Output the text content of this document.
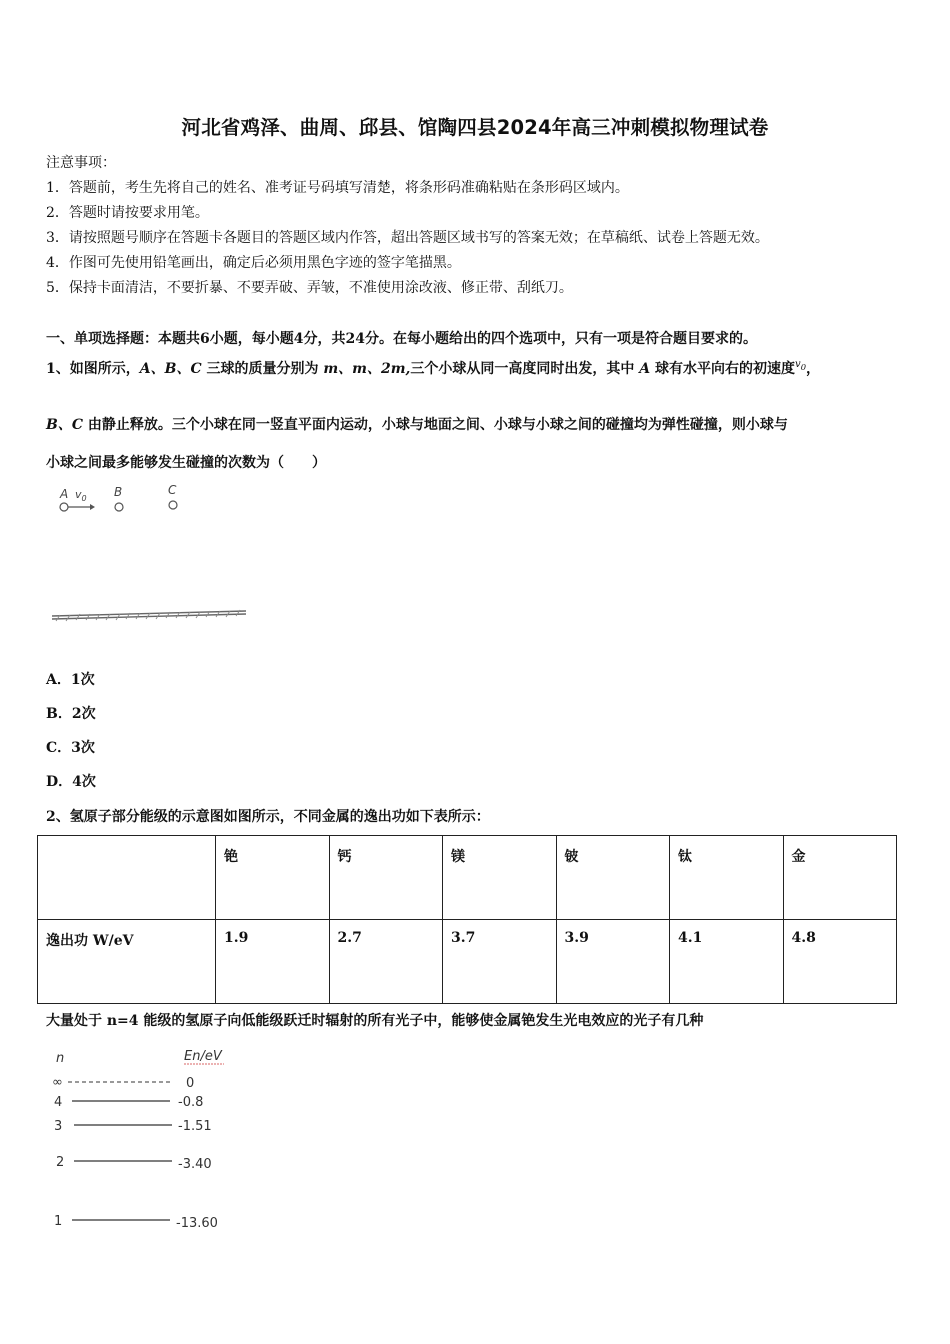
河北省鸡泽、曲周、邱县、馆陶四县2024年高三冲刺模拟物理试卷
注意事项：
1．答题前，考生先将自己的姓名、准考证号码填写清楚，将条形码准确粘贴在条形码区域内。
2．答题时请按要求用笔。
3．请按照题号顺序在答题卡各题目的答题区域内作答，超出答题区域书写的答案无效；在草稿纸、试卷上答题无效。
4．作图可先使用铅笔画出，确定后必须用黑色字迹的签字笔描黑。
5．保持卡面清洁，不要折暴、不要弄破、弄皱，不准使用涂改液、修正带、刮纸刀。
一、单项选择题：本题共6小题，每小题4分，共24分。在每小题给出的四个选项中，只有一项是符合题目要求的。
1、如图所示，A、B、C 三球的质量分别为 m、m、2m,三个小球从同一高度同时出发，其中 A 球有水平向右的初速度$^{v_0}$，
B、C 由静止释放。三个小球在同一竖直平面内运动，小球与地面之间、小球与小球之间的碰撞均为弹性碰撞，则小球与
小球之间最多能够发生碰撞的次数为（　　）
A $v_0$ B	C
A．1次
B．2次
C．3次
D．4次
2、氢原子部分能级的示意图如图所示，不同金属的逸出功如下表所示：
	铯	钙	镁	铍	钛	金
逸出功 W/eV	1.9	2.7	3.7	3.9	4.1	4.8
大量处于 n=4 能级的氢原子向低能级跃迁时辐射的所有光子中，能够使金属铯发生光电效应的光子有几种
n	En/eV
∞	0
4	-0.8
3	-1.51
2	-3.40
1	-13.60
